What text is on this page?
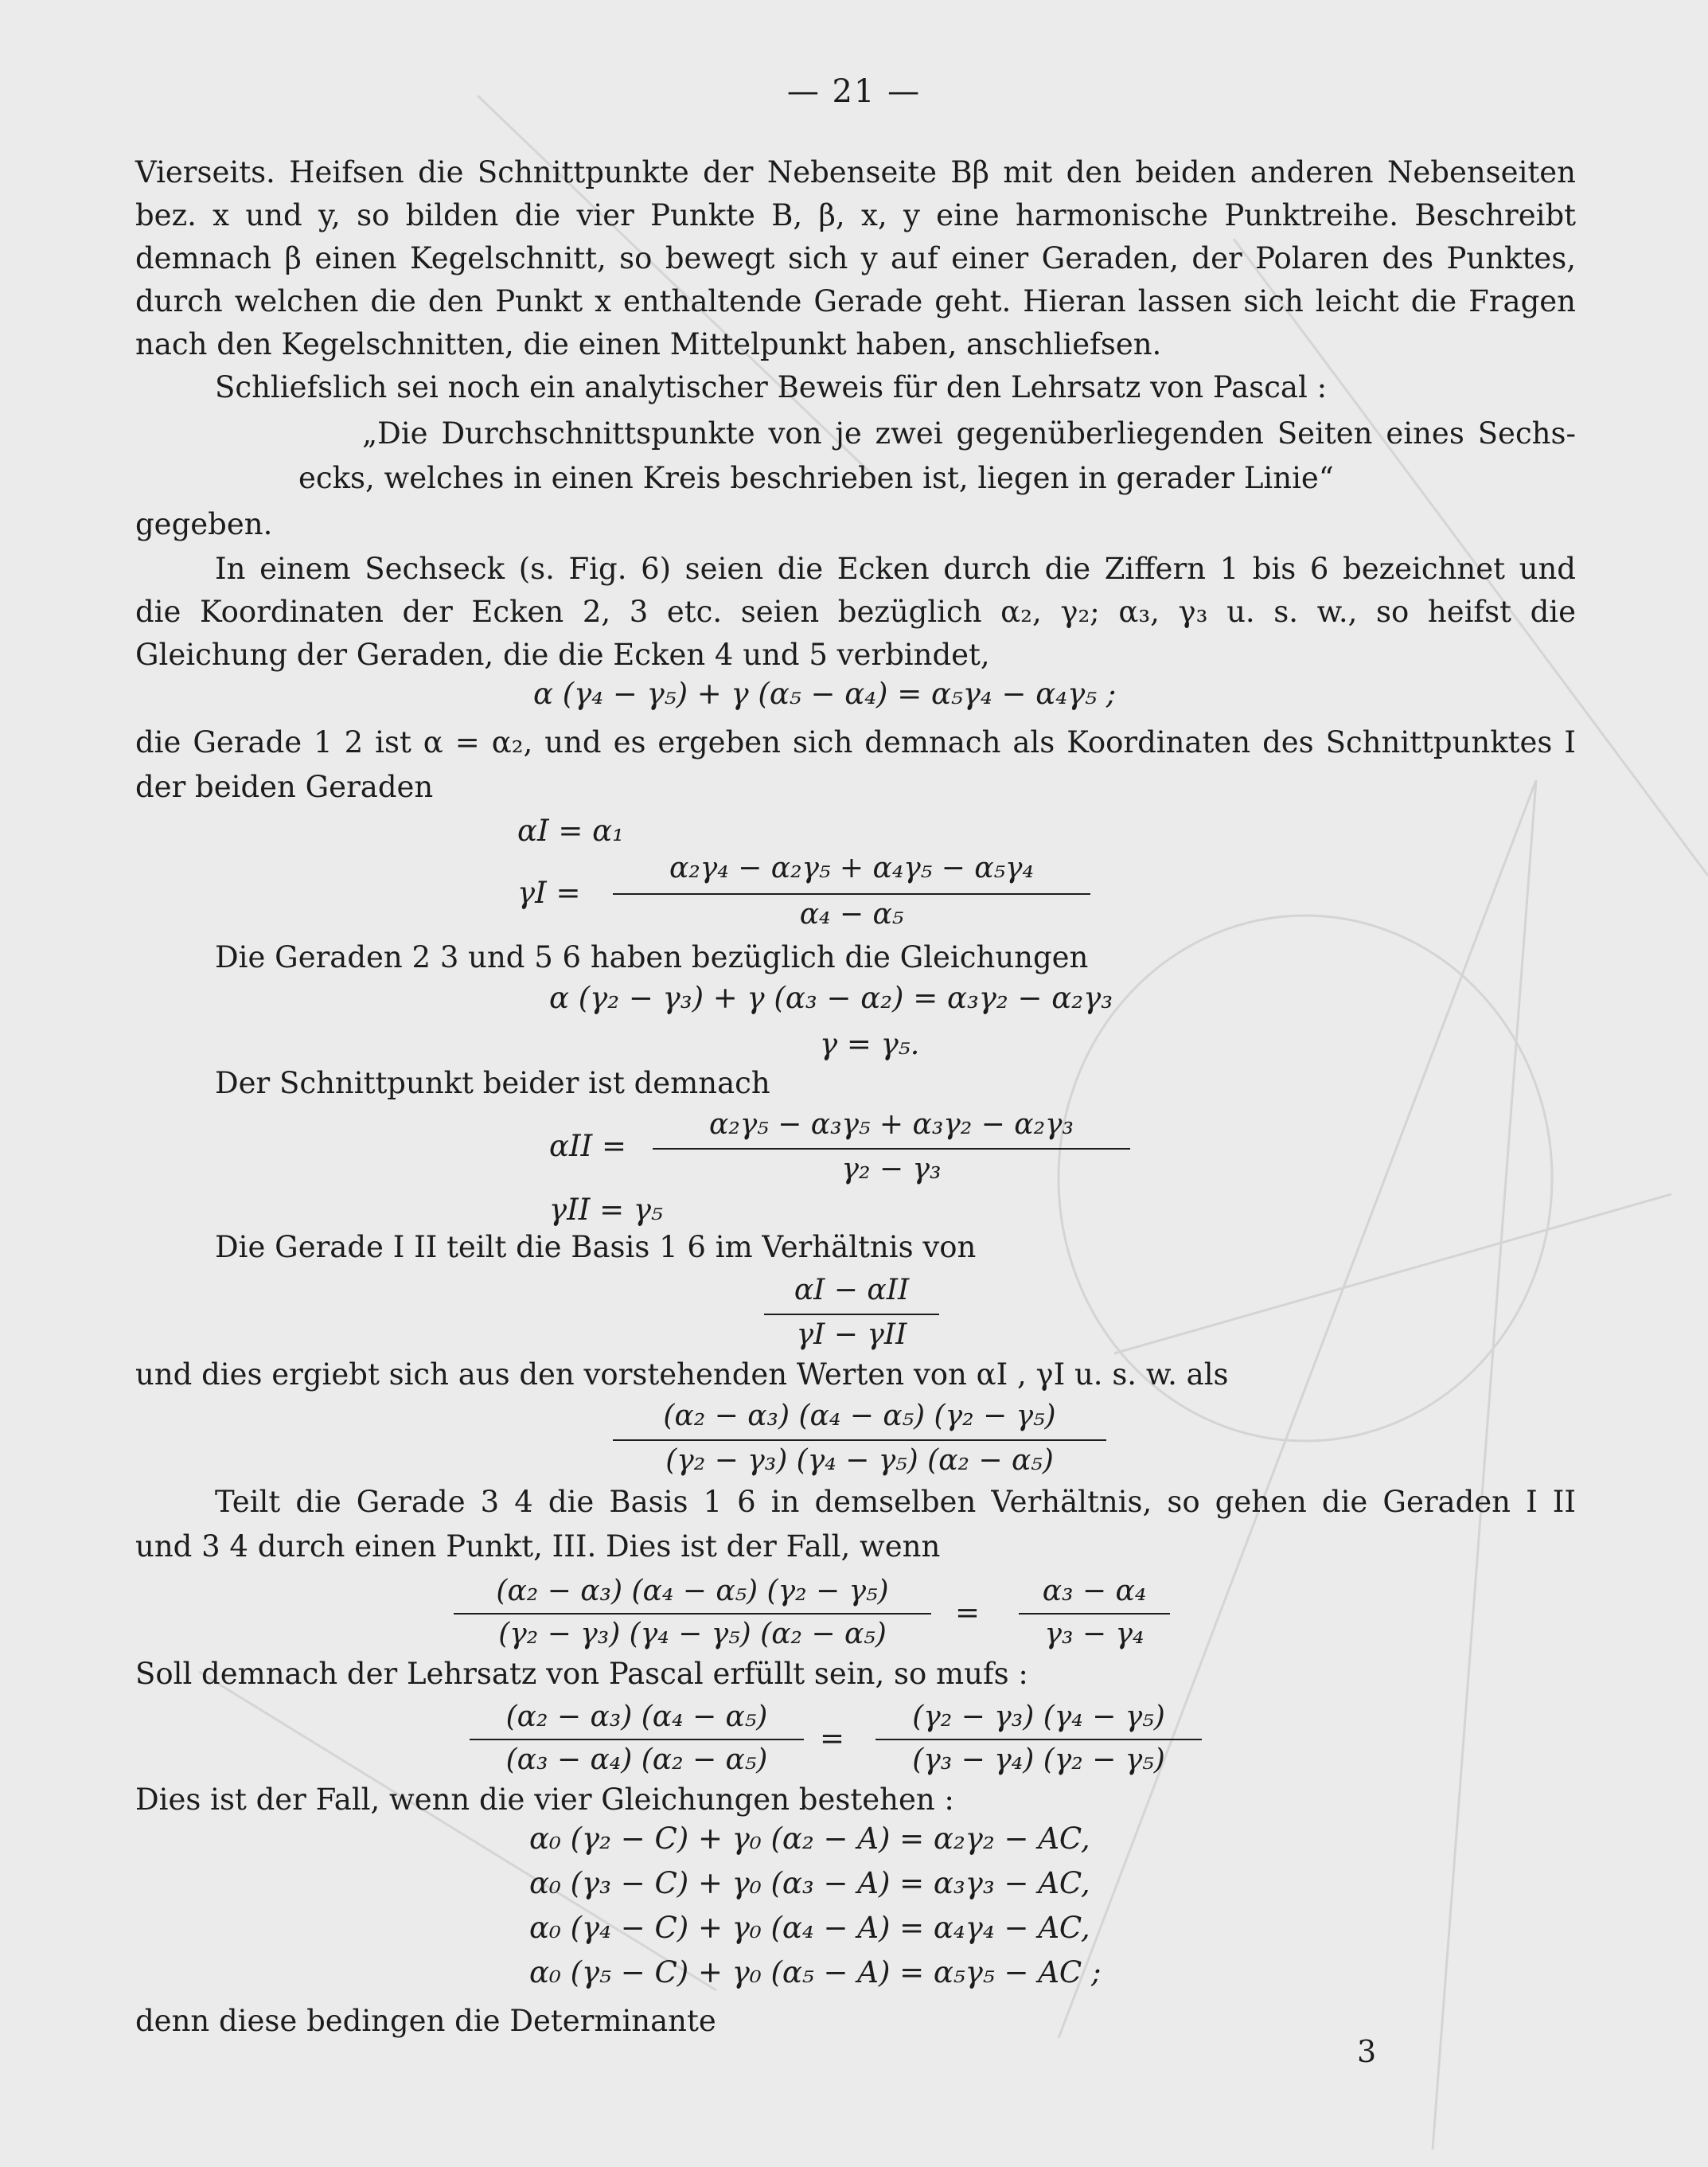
— 21 —
Vierseits. Heifsen die Schnittpunkte der Nebenseite Bβ mit den beiden anderen Nebenseiten
bez. x und y, so bilden die vier Punkte B, β, x, y eine harmonische Punktreihe. Beschreibt
demnach β einen Kegelschnitt, so bewegt sich y auf einer Geraden, der Polaren des Punktes,
durch welchen die den Punkt x enthaltende Gerade geht. Hieran lassen sich leicht die Fragen
nach den Kegelschnitten, die einen Mittelpunkt haben, anschliefsen.
Schliefslich sei noch ein analytischer Beweis für den Lehrsatz von Pascal :
„Die Durchschnittspunkte von je zwei gegenüberliegenden Seiten eines Sechs-
ecks, welches in einen Kreis beschrieben ist, liegen in gerader Linie“
gegeben.
In einem Sechseck (s. Fig. 6) seien die Ecken durch die Ziffern 1 bis 6 bezeichnet und
die Koordinaten der Ecken 2, 3 etc. seien bezüglich α₂, γ₂; α₃, γ₃ u. s. w., so heifst die
Gleichung der Geraden, die die Ecken 4 und 5 verbindet,
α (γ₄ − γ₅) + γ (α₅ − α₄) = α₅γ₄ − α₄γ₅ ;
die Gerade 1 2 ist α = α₂, und es ergeben sich demnach als Koordinaten des Schnittpunktes I
der beiden Geraden
αI = α₁
γI =
α₂γ₄ − α₂γ₅ + α₄γ₅ − α₅γ₄
α₄ − α₅
Die Geraden 2 3 und 5 6 haben bezüglich die Gleichungen
α (γ₂ − γ₃) + γ (α₃ − α₂) = α₃γ₂ − α₂γ₃
γ = γ₅.
Der Schnittpunkt beider ist demnach
αII =
α₂γ₅ − α₃γ₅ + α₃γ₂ − α₂γ₃
γ₂ − γ₃
γII = γ₅
Die Gerade I II teilt die Basis 1 6 im Verhältnis von
αI − αII
γI − γII
und dies ergiebt sich aus den vorstehenden Werten von αI , γI u. s. w. als
(α₂ − α₃) (α₄ − α₅) (γ₂ − γ₅)
(γ₂ − γ₃) (γ₄ − γ₅) (α₂ − α₅)
Teilt die Gerade 3 4 die Basis 1 6 in demselben Verhältnis, so gehen die Geraden I II
und 3 4 durch einen Punkt, III. Dies ist der Fall, wenn
(α₂ − α₃) (α₄ − α₅) (γ₂ − γ₅)
(γ₂ − γ₃) (γ₄ − γ₅) (α₂ − α₅)
=
α₃ − α₄
γ₃ − γ₄
Soll demnach der Lehrsatz von Pascal erfüllt sein, so mufs :
(α₂ − α₃) (α₄ − α₅)
(α₃ − α₄) (α₂ − α₅)
=
(γ₂ − γ₃) (γ₄ − γ₅)
(γ₃ − γ₄) (γ₂ − γ₅)
Dies ist der Fall, wenn die vier Gleichungen bestehen :
α₀ (γ₂ − C) + γ₀ (α₂ − A) = α₂γ₂ − AC,
α₀ (γ₃ − C) + γ₀ (α₃ − A) = α₃γ₃ − AC,
α₀ (γ₄ − C) + γ₀ (α₄ − A) = α₄γ₄ − AC,
α₀ (γ₅ − C) + γ₀ (α₅ − A) = α₅γ₅ − AC ;
denn diese bedingen die Determinante
3
